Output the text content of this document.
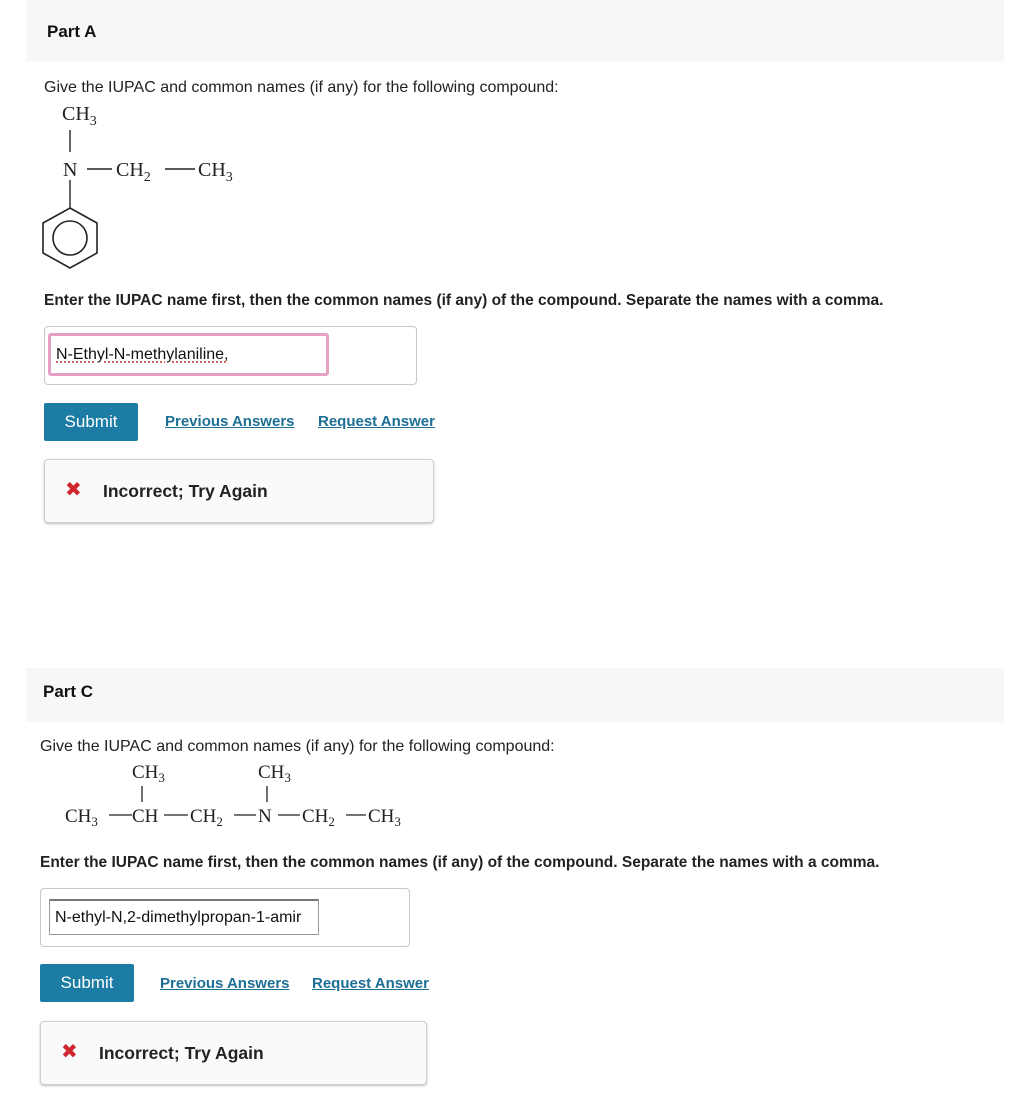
Part A
Give the IUPAC and common names (if any) for the following compound:
$CH_3$
N $CH_2$ $CH_3$
Enter the IUPAC name first, then the common names (if any) of the compound. Separate the names with a comma.
N-Ethyl-N-methylaniline,
Submit	Previous Answers Request Answer
✖ Incorrect; Try Again
Part C
Give the IUPAC and common names (if any) for the following compound:
$CH_3$	$CH_3$
$CH_3$ CH $CH_2$ N $CH_2$ $CH_3$
Enter the IUPAC name first, then the common names (if any) of the compound. Separate the names with a comma.
N-ethyl-N,2-dimethylpropan-1-amir
Submit	Previous Answers Request Answer
✖ Incorrect; Try Again
